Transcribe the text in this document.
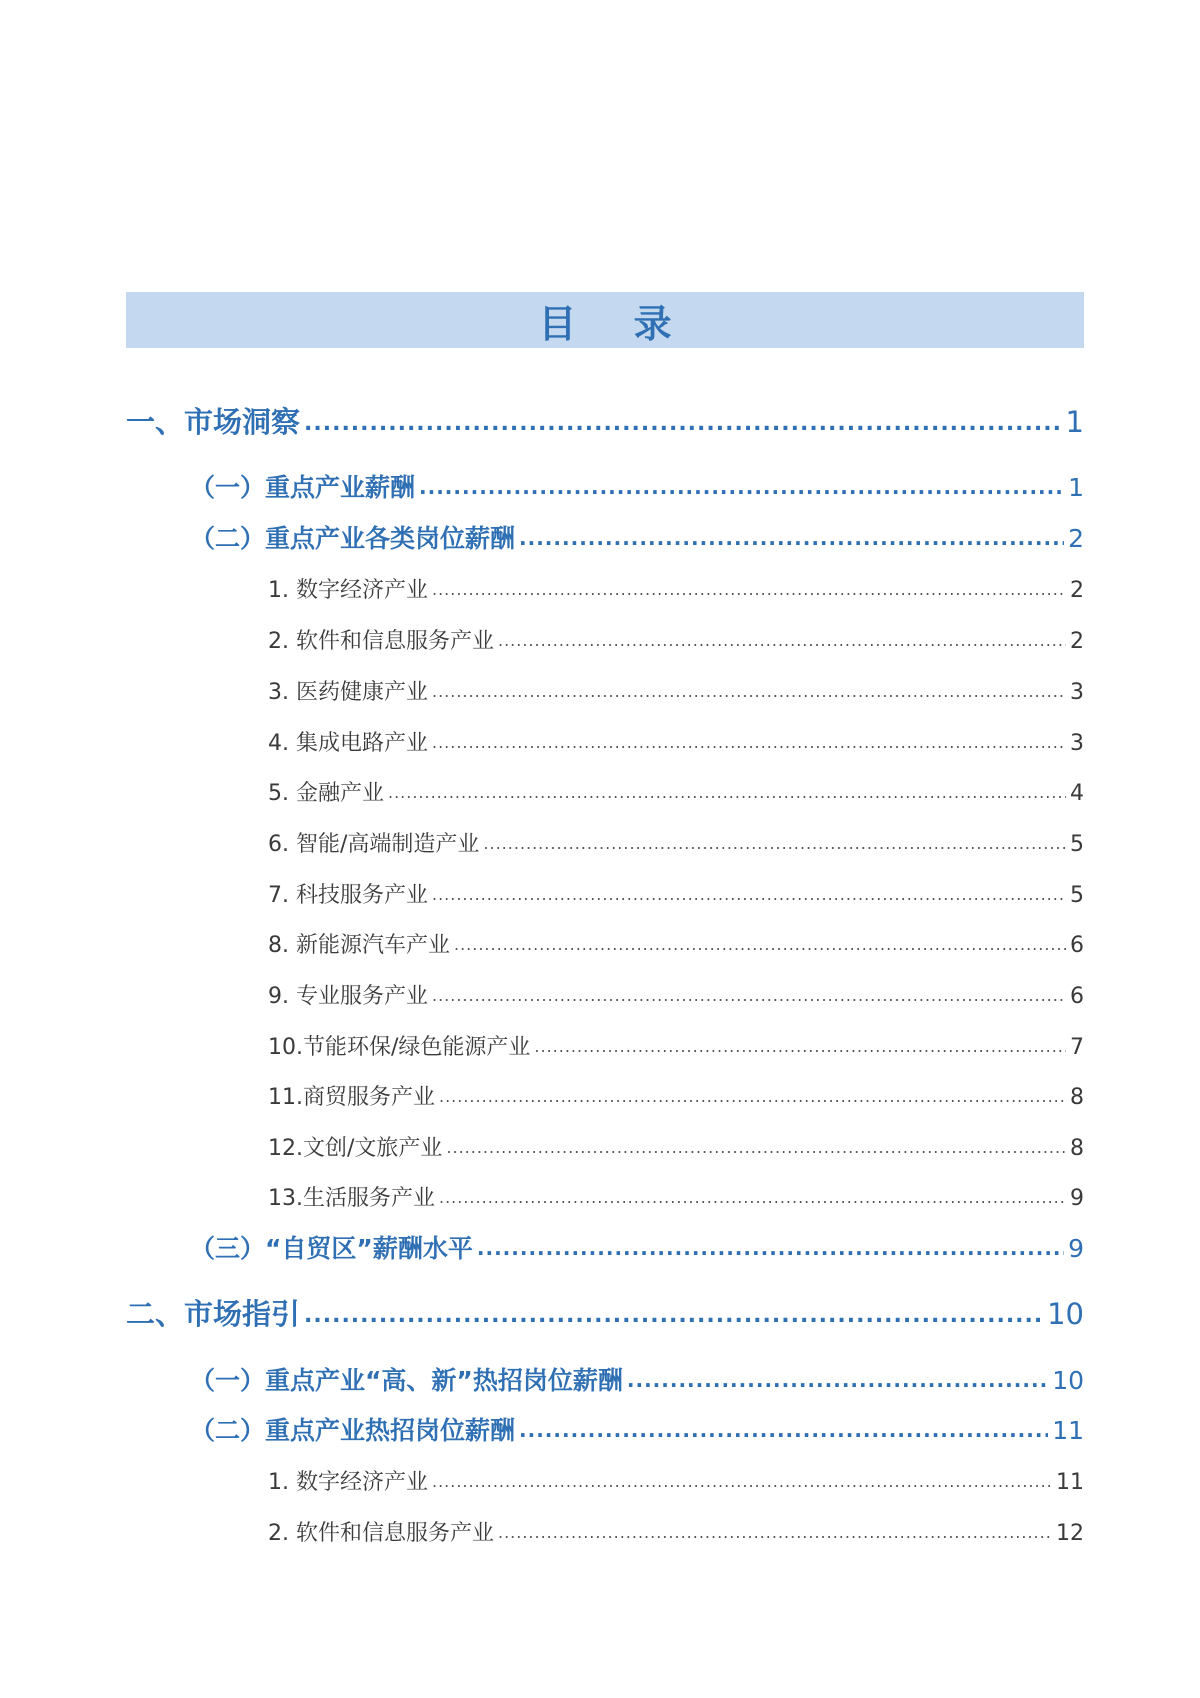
目 录
一、市场洞察 .....	1
（一）重点产业薪酬 .....	1
（二）重点产业各类岗位薪酬 .....	2
1. 数字经济产业 .....	2
2. 软件和信息服务产业 .....	2
3. 医药健康产业 .....	3
4. 集成电路产业 .....	3
5. 金融产业 .....	4
6. 智能/高端制造产业 .....	5
7. 科技服务产业 .....	5
8. 新能源汽车产业 .....	6
9. 专业服务产业 .....	6
10.节能环保/绿色能源产业 .....	7
11.商贸服务产业 .....	8
12.文创/文旅产业 .....	8
13.生活服务产业 .....	9
（三）“自贸区”薪酬水平 .....	9
二、市场指引 .....	10
（一）重点产业“高、新”热招岗位薪酬 .....	10
（二）重点产业热招岗位薪酬 .....	11
1. 数字经济产业 .....	11
2. 软件和信息服务产业 .....	12
